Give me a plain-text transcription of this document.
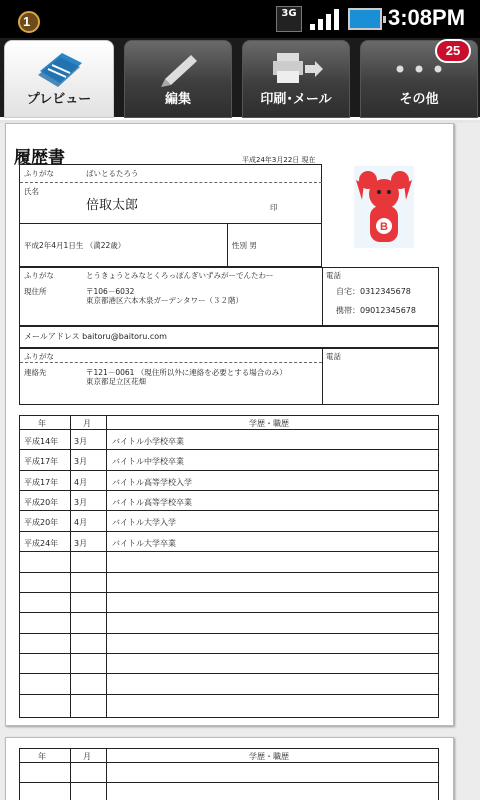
1
3G	3:08PM
プレビュー	編集	印刷･メール	その他
25
履歴書	平成24年3月22日 現在
ふりがな	ばいとるたろう
氏名
倍取太郎	印
平成2年4月1日生 （満22歳）	性別 男
B
ふりがな	とうきょうとみなとくろっぽんぎいずみがーでんたわー	電話
現住所	〒106－6032
東京都港区六本木泉ガーデンタワー（３２階）
自宅：0312345678
携帯：09012345678
メールアドレス baitoru@baitoru.com
ふりがな	電話
連絡先	〒121－0061 （現住所以外に連絡を必要とする場合のみ）
東京都足立区花畑
年	月	学歴・職歴
平成14年 3月	バイトル小学校卒業
平成17年 3月	バイトル中学校卒業
平成17年 4月	バイトル高等学校入学
平成20年 3月	バイトル高等学校卒業
平成20年 4月	バイトル大学入学
平成24年 3月	バイトル大学卒業
年	月	学歴・職歴
